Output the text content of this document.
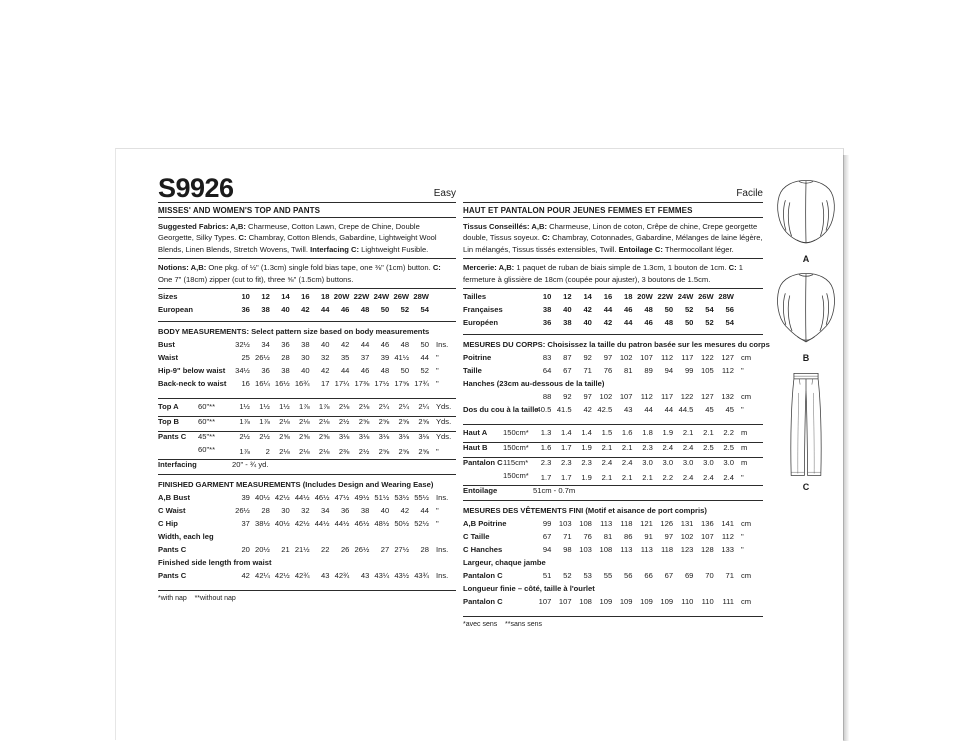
S9926	Easy
MISSES' AND WOMEN'S TOP AND PANTS
Suggested Fabrics: A,B: Charmeuse, Cotton Lawn, Crepe de Chine, Double Georgette, Silky Types. C: Chambray, Cotton Blends, Gabardine, Lightweight Wool Blends, Linen Blends, Stretch Wovens, Twill. Interfacing C: Lightweight Fusible.
Notions: A,B: One pkg. of ½" (1.3cm) single fold bias tape, one ⅜" (1cm) button. C: One 7" (18cm) zipper (cut to fit), three ⅝" (1.5cm) buttons.
Sizes	10	12	14	16	18 20W 22W 24W 26W 28W
European	36	38	40	42	44	46	48	50	52	54
BODY MEASUREMENTS: Select pattern size based on body measurements
Bust	32½	34	36	38	40	42	44	46	48	50 Ins.
Waist	25 26½	28	30	32	35	37	39 41½	44 "
Hip-9" below waist	34½	36	38	40	42	44	46	48	50	52 "
Back-neck to waist	16 16¼ 16½ 16¾	17 17¼ 17⅜ 17½ 17⅝ 17¾ "
Top A	60"**	1½	1½	1½	1⅞	1⅞	2⅛	2⅛	2¼	2¼	2¼ Yds.
Top B	60"**	1⅞	1⅞	2⅛	2⅛	2⅛	2½	2⅝	2⅝	2⅝	2⅝ Yds.
Pants C	45"**	2½	2½	2⅝	2⅝	2⅝	3⅛	3⅛	3⅛	3⅛	3⅛ Yds.
60"**	1⅞	2	2⅛	2⅛	2⅛	2⅜	2½	2⅝	2⅝	2⅝ "
Interfacing	20" - ¾ yd.
FINISHED GARMENT MEASUREMENTS (Includes Design and Wearing Ease)
A,B Bust	39 40½ 42½ 44½ 46½ 47½ 49½ 51½ 53½ 55½ Ins.
C Waist	26½	28	30	32	34	36	38	40	42	44 "
C Hip	37 38½ 40½ 42½ 44½ 44½ 46½ 48½ 50½ 52½ "
Width, each leg
Pants C	20 20½	21 21½	22	26 26½	27 27½	28 Ins.
Finished side length from waist
Pants C	42 42¼ 42½ 42¾	43 42¾	43 43¼ 43½ 43¾ Ins.
*with nap    **without nap
Facile
HAUT ET PANTALON POUR JEUNES FEMMES ET FEMMES
Tissus Conseillés: A,B: Charmeuse, Linon de coton, Crêpe de chine, Crepe georgette double, Tissus soyeux. C: Chambray, Cotonnades, Gabardine, Mélanges de laine légère, Lin mélangés, Tissus tissés extensibles, Twill. Entoilage C: Thermocollant léger.
Mercerie: A,B: 1 paquet de ruban de biais simple de 1.3cm, 1 bouton de 1cm. C: 1 fermeture à glissière de 18cm (coupée pour ajuster), 3 boutons de 1.5cm.
Tailles	10	12	14	16	18 20W 22W 24W 26W 28W
Françaises	38	40	42	44	46	48	50	52	54	56
Européen	36	38	40	42	44	46	48	50	52	54
MESURES DU CORPS: Choisissez la taille du patron basée sur les mesures du corps
Poitrine	83	87	92	97	102	107	112	117	122	127 cm
Taille	64	67	71	76	81	89	94	99	105	112 "
Hanches (23cm au-dessous de la taille)
88	92	97	102	107	112	117	122	127	132 cm
Dos du cou à la taille
40.5 41.5	42 42.5	43	44	44 44.5	45	45 "
Haut A	150cm*	1.3	1.4	1.4	1.5	1.6	1.8	1.9	2.1	2.1	2.2 m
Haut B	150cm*	1.6	1.7	1.9	2.1	2.1	2.3	2.4	2.4	2.5	2.5 m
Pantalon C 115cm*	2.3	2.3	2.3	2.4	2.4	3.0	3.0	3.0	3.0	3.0 m
150cm*	1.7	1.7	1.9	2.1	2.1	2.1	2.2	2.4	2.4	2.4 "
Entoilage	51cm - 0.7m
MESURES DES VÊTEMENTS FINI (Motif et aisance de port compris)
A,B Poitrine	99	103	108	113	118	121	126	131	136	141 cm
C Taille	67	71	76	81	86	91	97	102	107	112 "
C Hanches	94	98	103	108	113	113	118	123	128	133 "
Largeur, chaque jambe
Pantalon C	51	52	53	55	56	66	67	69	70	71 cm
Longueur finie – côté, taille à l'ourlet
Pantalon C	107	107	108	109	109	109	109	110	110	111 cm
*avec sens    **sans sens
A
B
C
